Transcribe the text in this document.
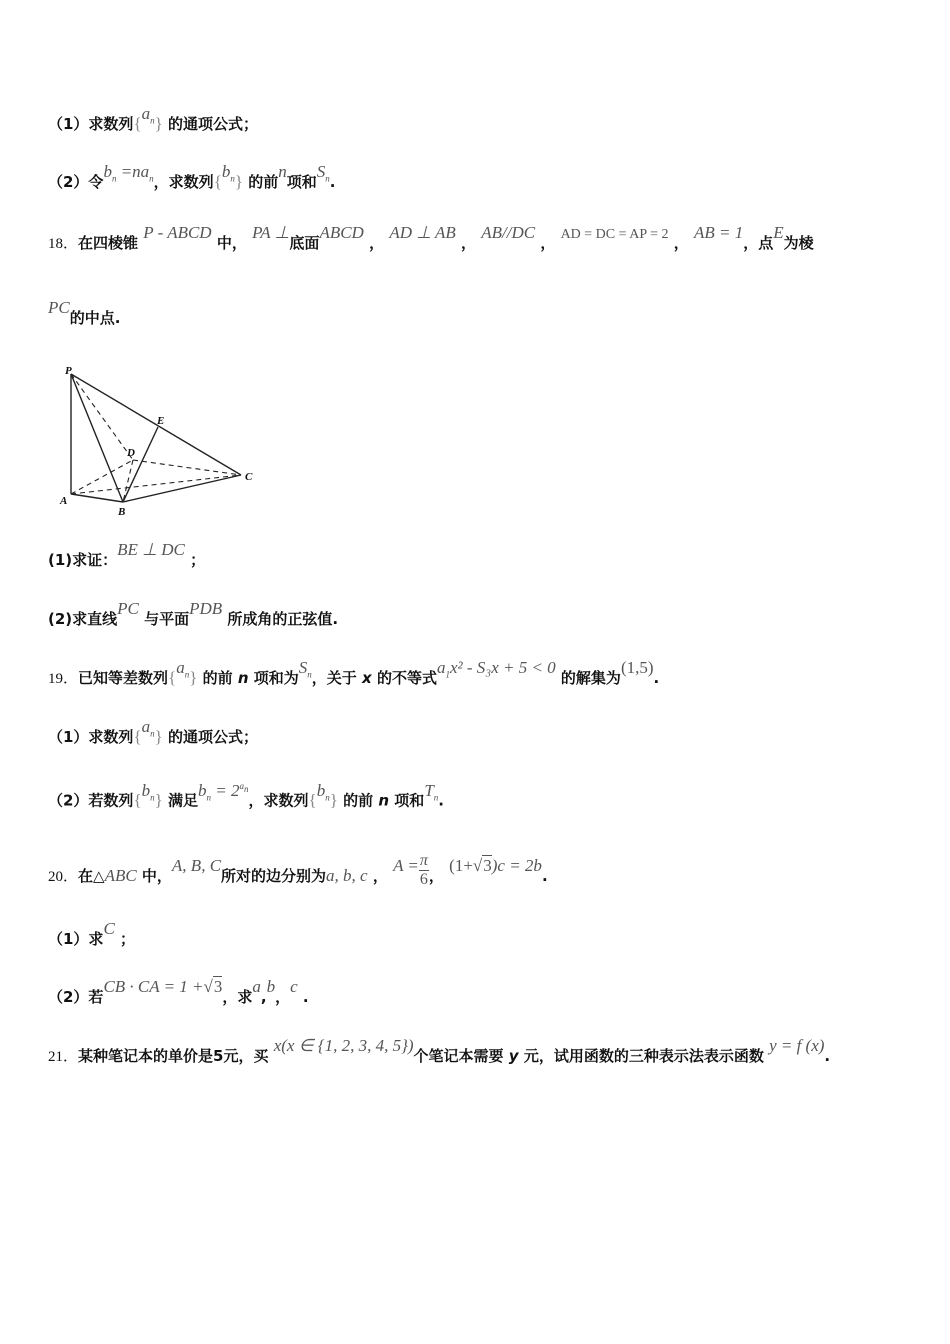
（1）求数列$\{a_n\}$ 的通项公式；
（2）令$b_n =na_n$，求数列$\{b_n\}$ 的前n项和$S_n$.
18．在四棱锥 P - ABCD 中， PA ⊥底面ABCD ， AD ⊥ AB ， AB//DC ， AD = DC = AP = 2 ， AB = 1，点E为棱
PC的中点.
P
E
D
C
A
B
(1)求证：BE ⊥ DC ；
(2)求直线PC 与平面PDB 所成角的正弦值.
19．已知等差数列$\{a_n\}$ 的前 n 项和为$S_n$，关于 x 的不等式$a_1x^2 - S_3x + 5 < 0$ 的解集为(1,5).
（1）求数列$\{a_n\}$ 的通项公式；
（2）若数列$\{b_n\}$ 满足$b_n = 2^{a_n}$，求数列$\{b_n\}$ 的前 n 项和$T_n$.
20．在△ABC 中，A, B, C所对的边分别为a, b, c ， $A = \frac{\pi}{6}$ ， (1+√3)c = 2b.
（1）求C ；
（2）若CB · CA = 1 +√3，求a,b，c .
21．某种笔记本的单价是5元，买 x(x ∈ {1, 2, 3, 4, 5})个笔记本需要 y 元，试用函数的三种表示法表示函数 y = f (x).
